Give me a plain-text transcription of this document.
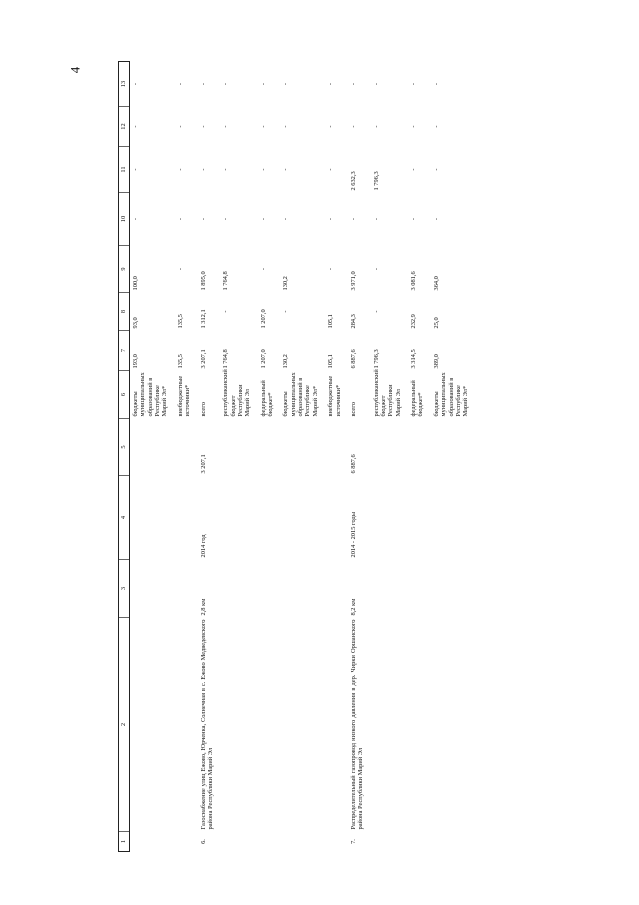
4
1	2	3	4	5	6	7	8	9	10	11	12	13
					бюджеты муниципальных образований в Республике Марий Эл*	193,0	93,0	100,0	-	-	-	-
					внебюджетные источники*	135,5	135,5	-	-	-	-	-
6.	Газоснабжение улиц Ежово, Юрченка, Солнечная в с. Ежово Медведевского района Республики Марий Эл	2,8 км	2014 год	3 207,1	всего	3 207,1	1 312,1	1 895,0	-	-	-	-
					республиканский бюджет Республики Марий Эл	1 764,8	-	1 764,8	-	-	-	-
					федеральный бюджет*	1 207,0	1 207,0	-	-	-	-	-
					бюджеты муниципальных образований в Республике Марий Эл*	130,2	-	130,2	-	-	-	-
					внебюджетные источники*	105,1	105,1	-	-	-	-	-
7.	Распределительный газопровод низкого давления в дер. Чирки Оршанского района Республики Марий Эл	8,2 км	2014 - 2015 годы	6 887,6	всего	6 887,6	284,3	3 971,0	-	2 632,3	-	-
					республиканский бюджет Республики Марий Эл	1 796,3	-	-	-	1 796,3	-	-
					федеральный бюджет*	3 314,5	232,9	3 081,6	-	-	-	-
					бюджеты муниципальных образований в Республике Марий Эл*	389,0	25,0	364,0	-	-	-	-
